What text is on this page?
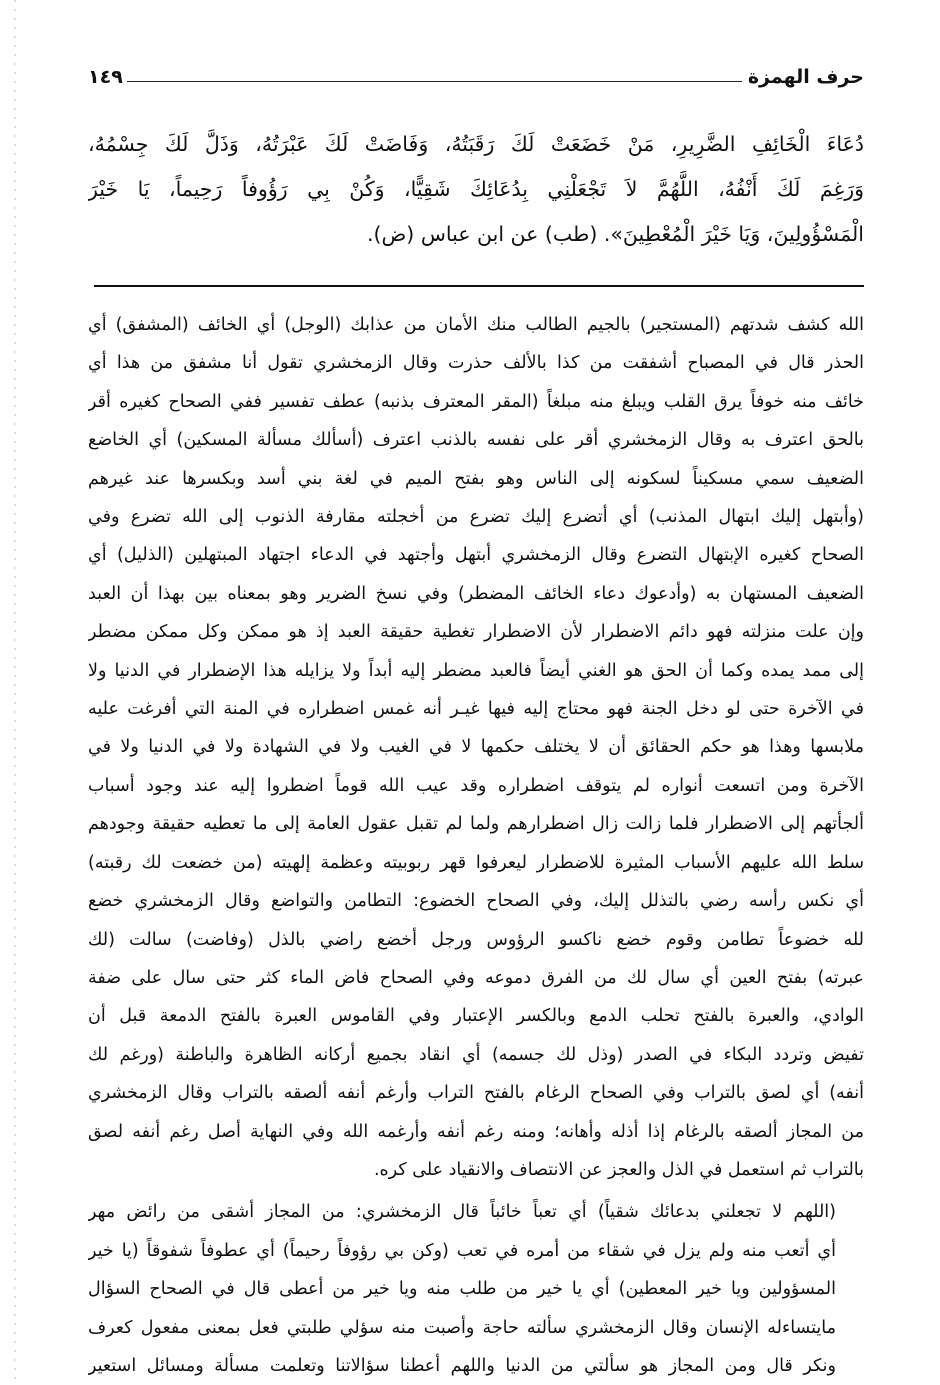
حرف الهمزة
١٤٩
دُعَاءَ الْخَائِفِ الضَّرِيرِ، مَنْ خَضَعَتْ لَكَ رَقَبَتُهُ، وَفَاضَتْ لَكَ عَبْرَتُهُ، وَذَلَّ لَكَ جِسْمُهُ،
وَرَغِمَ لَكَ أَنْفُهُ، اللَّهُمَّ لاَ تَجْعَلْنِي بِدُعَائِكَ شَقِيًّا، وَكُنْ بِي رَؤُوفاً رَحِيماً، يَا خَيْرَ
الْمَسْؤُولِينَ، وَيَا خَيْرَ الْمُعْطِينَ». (طب) عن ابن عباس (ض).

الله كشف شدتهم (المستجير) بالجيم الطالب منك الأمان من عذابك (الوجل) أي الخائف (المشفق) أي
الحذر قال في المصباح أشفقت من كذا بالألف حذرت وقال الزمخشري تقول أنا مشفق من هذا أي
خائف منه خوفاً يرق القلب ويبلغ منه مبلغاً (المقر المعترف بذنبه) عطف تفسير ففي الصحاح كغيره أقر
بالحق اعترف به وقال الزمخشري أقر على نفسه بالذنب اعترف (أسألك مسألة المسكين) أي الخاضع
الضعيف سمي مسكيناً لسكونه إلى الناس وهو بفتح الميم في لغة بني أسد وبكسرها عند غيرهم
(وأبتهل إليك ابتهال المذنب) أي أتضرع إليك تضرع من أخجلته مقارفة الذنوب إلى الله تضرع وفي
الصحاح كغيره الإبتهال التضرع وقال الزمخشري أبتهل وأجتهد في الدعاء اجتهاد المبتهلين (الذليل) أي
الضعيف المستهان به (وأدعوك دعاء الخائف المضطر) وفي نسخ الضرير وهو بمعناه بين بهذا أن العبد
وإن علت منزلته فهو دائم الاضطرار لأن الاضطرار تغطية حقيقة العبد إذ هو ممكن وكل ممكن مضطر
إلى ممد يمده وكما أن الحق هو الغني أيضاً فالعبد مضطر إليه أبداً ولا يزايله هذا الإضطرار في الدنيا ولا
في الآخرة حتى لو دخل الجنة فهو محتاج إليه فيها غيـر أنه غمس اضطراره في المنة التي أفرغت عليه
ملابسها وهذا هو حكم الحقائق أن لا يختلف حكمها لا في الغيب ولا في الشهادة ولا في الدنيا ولا في
الآخرة ومن اتسعت أنواره لم يتوقف اضطراره وقد عيب الله قوماً اضطروا إليه عند وجود أسباب
ألجأتهم إلى الاضطرار فلما زالت زال اضطرارهم ولما لم تقبل عقول العامة إلى ما تعطيه حقيقة وجودهم
سلط الله عليهم الأسباب المثيرة للاضطرار ليعرفوا قهر ربوبيته وعظمة إلهيته (من خضعت لك رقبته)
أي نكس رأسه رضي بالتذلل إليك، وفي الصحاح الخضوع: التطامن والتواضع وقال الزمخشري خضع
لله خضوعاً تطامن وقوم خضع ناكسو الرؤوس ورجل أخضع راضي بالذل (وفاضت) سالت (لك
عبرته) بفتح العين أي سال لك من الفرق دموعه وفي الصحاح فاض الماء كثر حتى سال على ضفة
الوادي، والعبرة بالفتح تحلب الدمع وبالكسر الإعتبار وفي القاموس العبرة بالفتح الدمعة قبل أن
تفيض وتردد البكاء في الصدر (وذل لك جسمه) أي انقاد بجميع أركانه الظاهرة والباطنة (ورغم لك
أنفه) أي لصق بالتراب وفي الصحاح الرغام بالفتح التراب وأرغم أنفه ألصقه بالتراب وقال الزمخشري
من المجاز ألصقه بالرغام إذا أذله وأهانه؛ ومنه رغم أنفه وأرغمه الله وفي النهاية أصل رغم أنفه لصق
بالتراب ثم استعمل في الذل والعجز عن الانتصاف والانقياد على كره.

(اللهم لا تجعلني بدعائك شقياً) أي تعباً خائباً قال الزمخشري: من المجاز أشقى من رائض مهر
أي أتعب منه ولم يزل في شقاء من أمره في تعب (وكن بي رؤوفاً رحيماً) أي عطوفاً شفوقاً (يا خير
المسؤولين ويا خير المعطين) أي يا خير من طلب منه ويا خير من أعطى قال في الصحاح السؤال
مايتساءله الإنسان وقال الزمخشري سألته حاجة وأصبت منه سؤلي طلبتي فعل بمعنى مفعول كعرف
ونكر قال ومن المجاز هو سألتي من الدنيا واللهم أعطنا سؤالاتنا وتعلمت مسألة ومسائل استعير
